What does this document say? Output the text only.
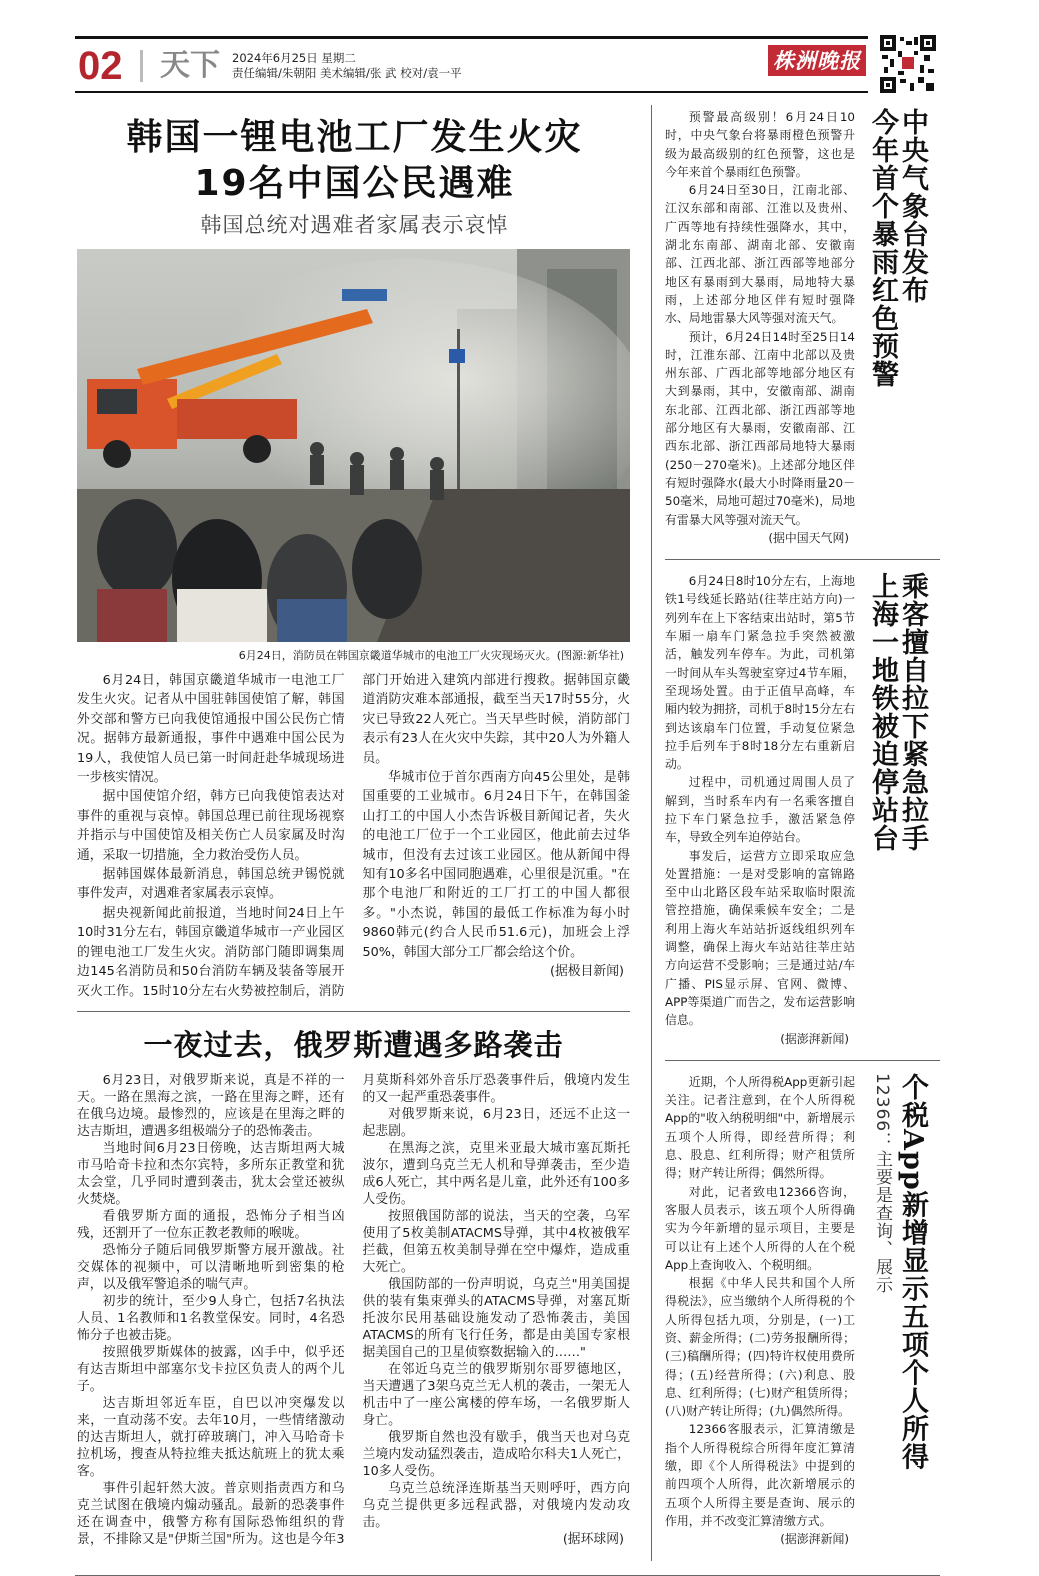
02 天下 2024年6月25日 星期二
责任编辑/朱朝阳 美术编辑/张 武 校对/袁一平	株洲晚报
韩国一锂电池工厂发生火灾
19名中国公民遇难
韩国总统对遇难者家属表示哀悼
6月24日，消防员在韩国京畿道华城市的电池工厂火灾现场灭火。(图源:新华社)

6月24日，韩国京畿道华城市一电池工厂发生火灾。记者从中国驻韩国使馆了解，韩国外交部和警方已向我使馆通报中国公民伤亡情况。据韩方最新通报，事件中遇难中国公民为19人，我使馆人员已第一时间赶赴华城现场进一步核实情况。

据中国使馆介绍，韩方已向我使馆表达对事件的重视与哀悼。韩国总理已前往现场视察并指示与中国使馆及相关伤亡人员家属及时沟通，采取一切措施，全力救治受伤人员。

据韩国媒体最新消息，韩国总统尹锡悦就事件发声，对遇难者家属表示哀悼。

据央视新闻此前报道，当地时间24日上午10时31分左右，韩国京畿道华城市一产业园区的锂电池工厂发生火灾。消防部门随即调集周边145名消防员和50台消防车辆及装备等展开灭火工作。15时10分左右火势被控制后，消防部门开始进入建筑内部进行搜救。据韩国京畿道消防灾难本部通报，截至当天17时55分，火灾已导致22人死亡。当天早些时候，消防部门表示有23人在火灾中失踪，其中20人为外籍人员。

华城市位于首尔西南方向45公里处，是韩国重要的工业城市。6月24日下午，在韩国釜山打工的中国人小杰告诉极目新闻记者，失火的电池工厂位于一个工业园区，他此前去过华城市，但没有去过该工业园区。他从新闻中得知有10多名中国同胞遇难，心里很是沉重。"在那个电池厂和附近的工厂打工的中国人都很多。"小杰说，韩国的最低工作标准为每小时9860韩元(约合人民币51.6元)，加班会上浮50%，韩国大部分工厂都会给这个价。

(据极目新闻)

一夜过去，俄罗斯遭遇多路袭击

6月23日，对俄罗斯来说，真是不祥的一天。一路在黑海之滨，一路在里海之畔，还有在俄乌边境。最惨烈的，应该是在里海之畔的达吉斯坦，遭遇多组极端分子的恐怖袭击。

当地时间6月23日傍晚，达吉斯坦两大城市马哈奇卡拉和杰尔宾特，多所东正教堂和犹太会堂，几乎同时遭到袭击，犹太会堂还被纵火焚烧。

看俄罗斯方面的通报，恐怖分子相当凶残，还割开了一位东正教老教师的喉咙。

恐怖分子随后同俄罗斯警方展开激战。社交媒体的视频中，可以清晰地听到密集的枪声，以及俄军警追杀的喘气声。

初步的统计，至少9人身亡，包括7名执法人员、1名教师和1名教堂保安。同时，4名恐怖分子也被击毙。

按照俄罗斯媒体的披露，凶手中，似乎还有达吉斯坦中部塞尔戈卡拉区负责人的两个儿子。

达吉斯坦邻近车臣，自巴以冲突爆发以来，一直动荡不安。去年10月，一些情绪激动的达吉斯坦人，就打碎玻璃门，冲入马哈奇卡拉机场，搜查从特拉维夫抵达航班上的犹太乘客。

事件引起轩然大波。普京则指责西方和乌克兰试图在俄境内煽动骚乱。最新的恐袭事件还在调查中，俄警方称有国际恐怖组织的背景，不排除又是"伊斯兰国"所为。这也是今年3月莫斯科郊外音乐厅恐袭事件后，俄境内发生的又一起严重恐袭事件。

对俄罗斯来说，6月23日，还远不止这一起悲剧。

在黑海之滨，克里米亚最大城市塞瓦斯托波尔，遭到乌克兰无人机和导弹袭击，至少造成6人死亡，其中两名是儿童，此外还有100多人受伤。

按照俄国防部的说法，当天的空袭，乌军使用了5枚美制ATACMS导弹，其中4枚被俄军拦截，但第五枚美制导弹在空中爆炸，造成重大死亡。

俄国防部的一份声明说，乌克兰"用美国提供的装有集束弹头的ATACMS导弹，对塞瓦斯托波尔民用基础设施发动了恐怖袭击，美国ATACMS的所有飞行任务，都是由美国专家根据美国自己的卫星侦察数据输入的……"

在邻近乌克兰的俄罗斯别尔哥罗德地区，当天遭遇了3架乌克兰无人机的袭击，一架无人机击中了一座公寓楼的停车场，一名俄罗斯人身亡。

俄罗斯自然也没有歇手，俄当天也对乌克兰境内发动猛烈袭击，造成哈尔科夫1人死亡，10多人受伤。

乌克兰总统泽连斯基当天则呼吁，西方向乌克兰提供更多远程武器，对俄境内发动攻击。

(据环球网)

预警最高级别！6月24日10时，中央气象台将暴雨橙色预警升级为最高级别的红色预警，这也是今年来首个暴雨红色预警。

6月24日至30日，江南北部、江汉东部和南部、江淮以及贵州、广西等地有持续性强降水，其中，湖北东南部、湖南北部、安徽南部、江西北部、浙江西部等地部分地区有暴雨到大暴雨，局地特大暴雨，上述部分地区伴有短时强降水、局地雷暴大风等强对流天气。

预计，6月24日14时至25日14时，江淮东部、江南中北部以及贵州东部、广西北部等地部分地区有大到暴雨，其中，安徽南部、湖南东北部、江西北部、浙江西部等地部分地区有大暴雨，安徽南部、江西东北部、浙江西部局地特大暴雨(250－270毫米)。上述部分地区伴有短时强降水(最大小时降雨量20－50毫米，局地可超过70毫米)，局地有雷暴大风等强对流天气。

(据中国天气网)

中央气象台发布
今年首个暴雨红色预警

6月24日8时10分左右，上海地铁1号线延长路站(往莘庄站方向)一列列车在上下客结束出站时，第5节车厢一扇车门紧急拉手突然被激活，触发列车停车。为此，司机第一时间从车头驾驶室穿过4节车厢，至现场处置。由于正值早高峰，车厢内较为拥挤，司机于8时15分左右到达该扇车门位置，手动复位紧急拉手后列车于8时18分左右重新启动。

过程中，司机通过周围人员了解到，当时系车内有一名乘客擅自拉下车门紧急拉手，激活紧急停车，导致全列车迫停站台。

事发后，运营方立即采取应急处置措施：一是对受影响的富锦路至中山北路区段车站采取临时限流管控措施，确保乘候车安全；二是利用上海火车站站折返线组织列车调整，确保上海火车站站往莘庄站方向运营不受影响；三是通过站/车广播、PIS显示屏、官网、微博、APP等渠道广而告之，发布运营影响信息。

(据澎湃新闻)

乘客擅自拉下紧急拉手
上海一地铁被迫停站台

近期，个人所得税App更新引起关注。记者注意到，在个人所得税App的"收入纳税明细"中，新增展示五项个人所得，即经营所得；利息、股息、红利所得；财产租赁所得；财产转让所得；偶然所得。

对此，记者致电12366咨询，客服人员表示，该五项个人所得确实为今年新增的显示项目，主要是可以让有上述个人所得的人在个税App上查询收入、个税明细。

根据《中华人民共和国个人所得税法》，应当缴纳个人所得税的个人所得包括九项，分别是，(一)工资、薪金所得；(二)劳务报酬所得；(三)稿酬所得；(四)特许权使用费所得；(五)经营所得；(六)利息、股息、红利所得；(七)财产租赁所得；(八)财产转让所得；(九)偶然所得。

12366客服表示，汇算清缴是指个人所得税综合所得年度汇算清缴，即《个人所得税法》中提到的前四项个人所得，此次新增展示的五项个人所得主要是查询、展示的作用，并不改变汇算清缴方式。

(据澎湃新闻)

个税App新增显示五项个人所得
12366：主要是查询、展示
